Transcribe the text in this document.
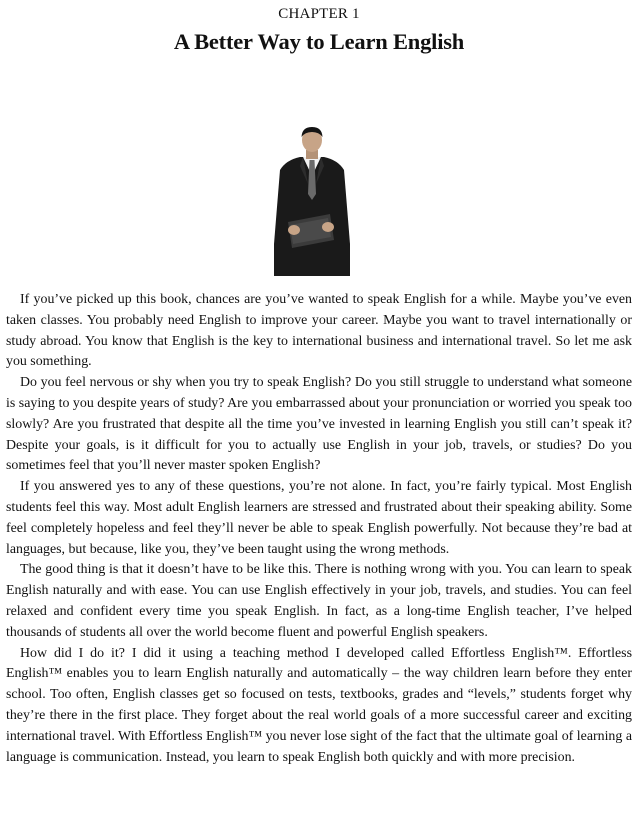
CHAPTER 1
A Better Way to Learn English

If you’ve picked up this book, chances are you’ve wanted to speak English for a while. Maybe you’ve even taken classes. You probably need English to improve your career. Maybe you want to travel internationally or study abroad. You know that English is the key to international business and international travel. So let me ask you something.

Do you feel nervous or shy when you try to speak English? Do you still struggle to understand what someone is saying to you despite years of study? Are you embarrassed about your pronunciation or worried you speak too slowly? Are you frustrated that despite all the time you’ve invested in learning English you still can’t speak it? Despite your goals, is it difficult for you to actually use English in your job, travels, or studies? Do you sometimes feel that you’ll never master spoken English?

If you answered yes to any of these questions, you’re not alone. In fact, you’re fairly typical. Most English students feel this way. Most adult English learners are stressed and frustrated about their speaking ability. Some feel completely hopeless and feel they’ll never be able to speak English powerfully. Not because they’re bad at languages, but because, like you, they’ve been taught using the wrong methods.

The good thing is that it doesn’t have to be like this. There is nothing wrong with you. You can learn to speak English naturally and with ease. You can use English effectively in your job, travels, and studies. You can feel relaxed and confident every time you speak English. In fact, as a long-time English teacher, I’ve helped thousands of students all over the world become fluent and powerful English speakers.

How did I do it? I did it using a teaching method I developed called Effortless English™. Effortless English™ enables you to learn English naturally and automatically – the way children learn before they enter school. Too often, English classes get so focused on tests, textbooks, grades and “levels,” students forget why they’re there in the first place. They forget about the real world goals of a more successful career and exciting international travel. With Effortless English™ you never lose sight of the fact that the ultimate goal of learning a language is communication. Instead, you learn to speak English both quickly and with more precision.
